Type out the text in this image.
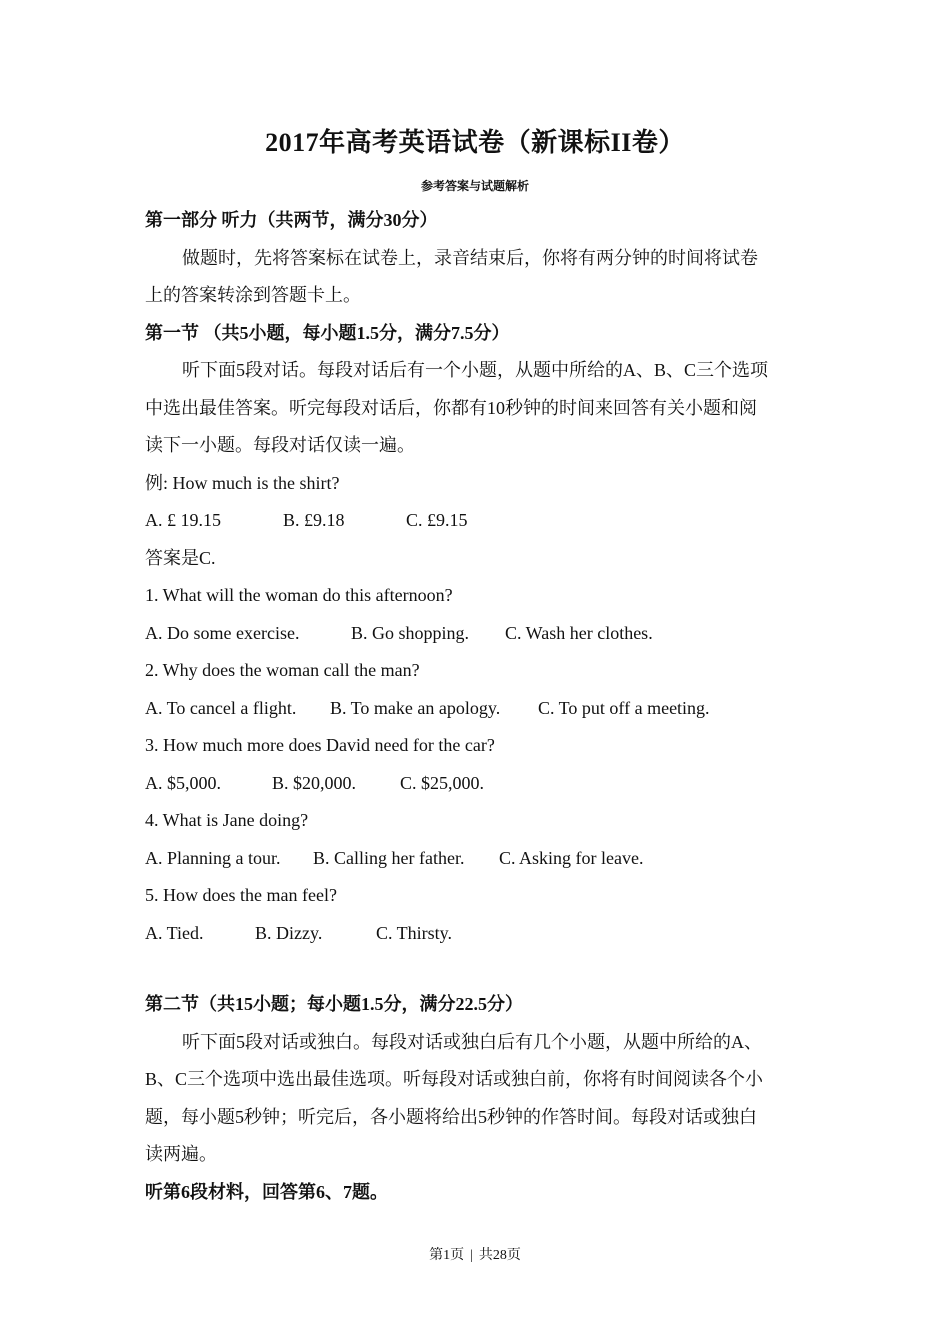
2017年高考英语试卷（新课标II卷）
参考答案与试题解析
第一部分 听力（共两节，满分30分）
做题时，先将答案标在试卷上，录音结束后，你将有两分钟的时间将试卷
上的答案转涂到答题卡上。
第一节 （共5小题，每小题1.5分，满分7.5分）
听下面5段对话。每段对话后有一个小题，从题中所给的A、B、C三个选项
中选出最佳答案。听完每段对话后，你都有10秒钟的时间来回答有关小题和阅
读下一小题。每段对话仅读一遍。
例: How much is the shirt?
A. £ 19.15	B. £9.18	C. £9.15
答案是C.
1. What will the woman do this afternoon?
A. Do some exercise.	B. Go shopping. C. Wash her clothes.
2. Why does the woman call the man?
A. To cancel a flight. B. To make an apology. C. To put off a meeting.
3. How much more does David need for the car?
A. $5,000.	B. $20,000. C. $25,000.
4. What is Jane doing?
A. Planning a tour. B. Calling her father. C. Asking for leave.
5. How does the man feel?
A. Tied.	B. Dizzy.	C. Thirsty.
第二节（共15小题；每小题1.5分，满分22.5分）
听下面5段对话或独白。每段对话或独白后有几个小题，从题中所给的A、
B、C三个选项中选出最佳选项。听每段对话或独白前，你将有时间阅读各个小
题，每小题5秒钟；听完后，各小题将给出5秒钟的作答时间。每段对话或独白
读两遍。
听第6段材料，回答第6、7题。
第1页 | 共28页
